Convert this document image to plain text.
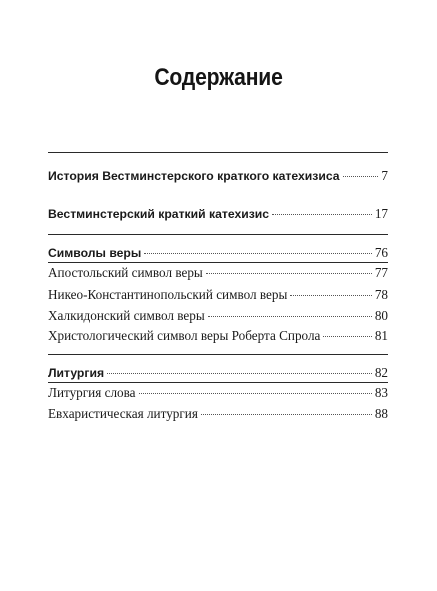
Содержание
История Вестминстерского краткого катехизиса	7
Вестминстерский краткий катехизис	17
Символы веры	76
Апостольский символ веры	77
Никео-Константинопольский символ веры	78
Халкидонский символ веры	80
Христологический символ веры Роберта Спрола	81
Литургия	82
Литургия слова	83
Евхаристическая литургия	88
